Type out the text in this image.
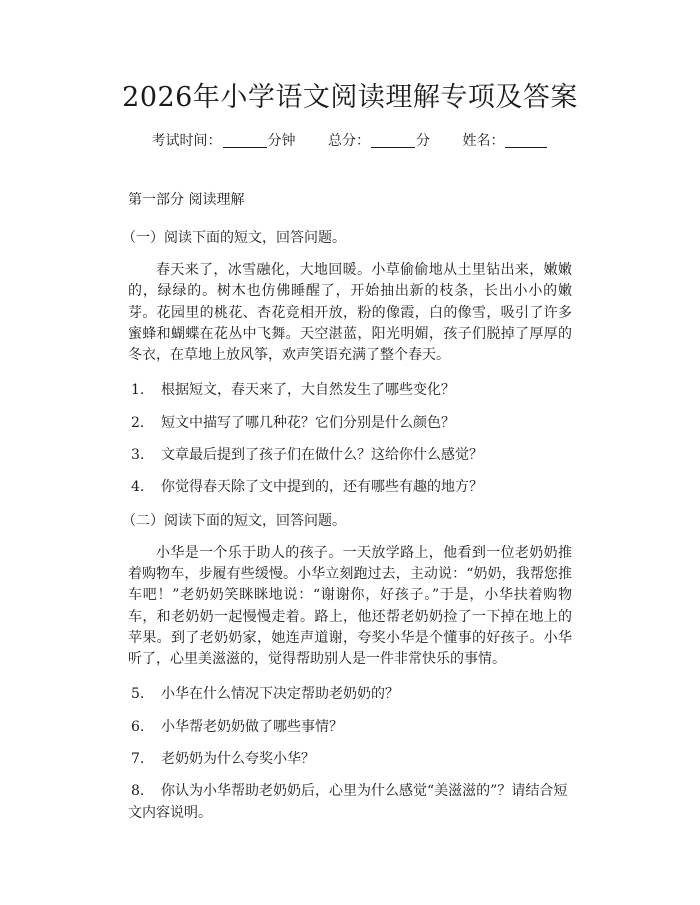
2026年小学语文阅读理解专项及答案
考试时间：	分钟 总分：	分 姓名：

第一部分 阅读理解

（一）阅读下面的短文，回答问题。

春天来了，冰雪融化，大地回暖。小草偷偷地从土里钻出来，嫩嫩的，绿绿的。树木也仿佛睡醒了，开始抽出新的枝条，长出小小的嫩芽。花园里的桃花、杏花竞相开放，粉的像霞，白的像雪，吸引了许多蜜蜂和蝴蝶在花丛中飞舞。天空湛蓝，阳光明媚，孩子们脱掉了厚厚的冬衣，在草地上放风筝，欢声笑语充满了整个春天。

1.	根据短文，春天来了，大自然发生了哪些变化？
2.	短文中描写了哪几种花？它们分别是什么颜色？
3.	文章最后提到了孩子们在做什么？这给你什么感觉？
4.	你觉得春天除了文中提到的，还有哪些有趣的地方？

（二）阅读下面的短文，回答问题。

小华是一个乐于助人的孩子。一天放学路上，他看到一位老奶奶推着购物车，步履有些缓慢。小华立刻跑过去，主动说：“奶奶，我帮您推车吧！”老奶奶笑眯眯地说：“谢谢你，好孩子。”于是，小华扶着购物车，和老奶奶一起慢慢走着。路上，他还帮老奶奶捡了一下掉在地上的苹果。到了老奶奶家，她连声道谢，夸奖小华是个懂事的好孩子。小华听了，心里美滋滋的，觉得帮助别人是一件非常快乐的事情。

5.	小华在什么情况下决定帮助老奶奶的？
6.	小华帮老奶奶做了哪些事情？
7.	老奶奶为什么夸奖小华？
8. 你认为小华帮助老奶奶后，心里为什么感觉“美滋滋的”？请结合短文内容说明。
